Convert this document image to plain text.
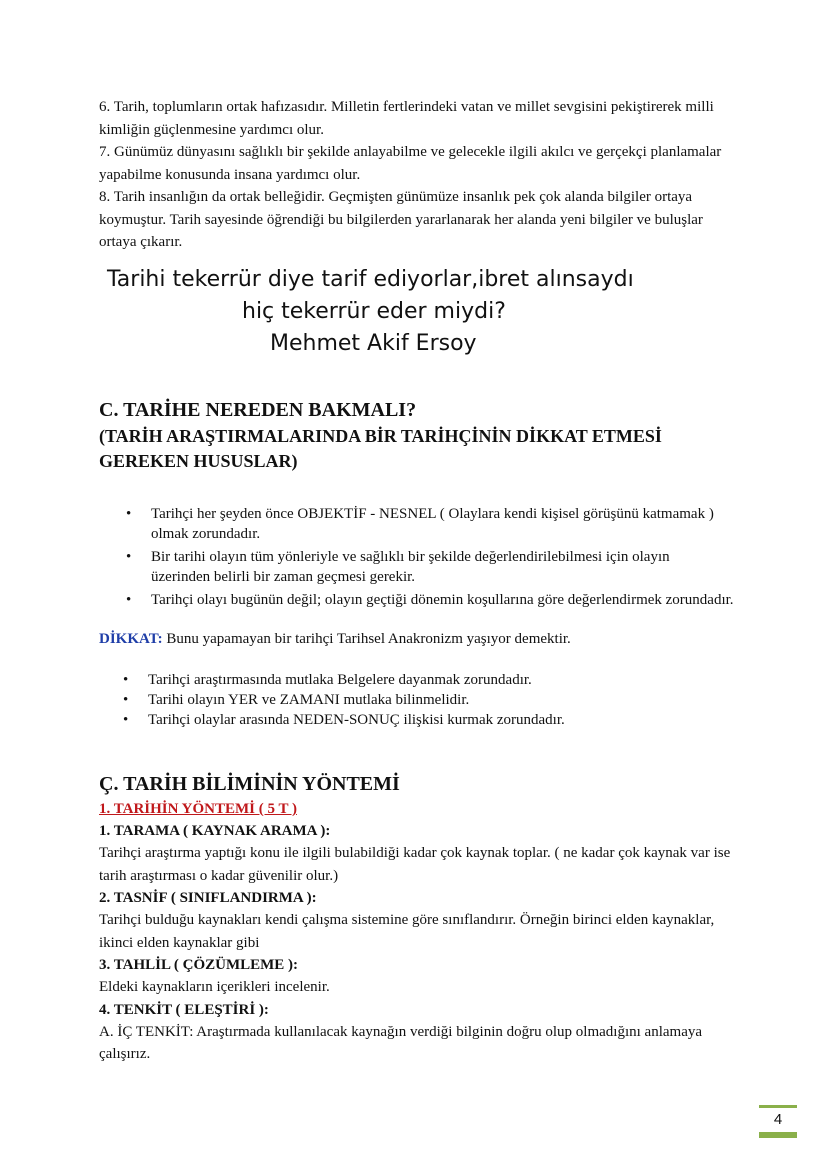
6. Tarih, toplumların ortak hafızasıdır. Milletin fertlerindeki vatan ve millet sevgisini pekiştirerek milli kimliğin güçlenmesine yardımcı olur.

7. Günümüz dünyasını sağlıklı bir şekilde anlayabilme ve gelecekle ilgili akılcı ve gerçekçi planlamalar yapabilme konusunda insana yardımcı olur.

8. Tarih insanlığın da ortak belleğidir. Geçmişten günümüze insanlık pek çok alanda bilgiler ortaya koymuştur. Tarih sayesinde öğrendiği bu bilgilerden yararlanarak her alanda yeni bilgiler ve buluşlar ortaya çıkarır.

Tarihi tekerrür diye tarif ediyorlar,ibret alınsaydı
hiç tekerrür eder miydi?
Mehmet Akif Ersoy
C. TARİHE NEREDEN BAKMALI?
(TARİH ARAŞTIRMALARINDA BİR TARİHÇİNİN DİKKAT ETMESİ GEREKEN HUSUSLAR)
• Tarihçi her şeyden önce OBJEKTİF - NESNEL ( Olaylara kendi kişisel görüşünü katmamak ) olmak zorundadır.
• Bir tarihi olayın tüm yönleriyle ve sağlıklı bir şekilde değerlendirilebilmesi için olayın üzerinden belirli bir zaman geçmesi gerekir.
• Tarihçi olayı bugünün değil; olayın geçtiği dönemin koşullarına göre değerlendirmek zorundadır.

DİKKAT: Bunu yapamayan bir tarihçi Tarihsel Anakronizm yaşıyor demektir.

• Tarihçi araştırmasında mutlaka Belgelere dayanmak zorundadır.
• Tarihi olayın YER ve ZAMANI mutlaka bilinmelidir.
• Tarihçi olaylar arasında NEDEN-SONUÇ ilişkisi kurmak zorundadır.
Ç. TARİH BİLİMİNİN YÖNTEMİ
1. TARİHİN YÖNTEMİ ( 5 T )

1. TARAMA ( KAYNAK ARAMA ):

Tarihçi araştırma yaptığı konu ile ilgili bulabildiği kadar çok kaynak toplar. ( ne kadar çok kaynak var ise tarih araştırması o kadar güvenilir olur.)

2. TASNİF ( SINIFLANDIRMA ):

Tarihçi bulduğu kaynakları kendi çalışma sistemine göre sınıflandırır. Örneğin birinci elden kaynaklar, ikinci elden kaynaklar gibi

3. TAHLİL ( ÇÖZÜMLEME ):

Eldeki kaynakların içerikleri incelenir.

4. TENKİT ( ELEŞTİRİ ):

A. İÇ TENKİT: Araştırmada kullanılacak kaynağın verdiği bilginin doğru olup olmadığını anlamaya çalışırız.

4
